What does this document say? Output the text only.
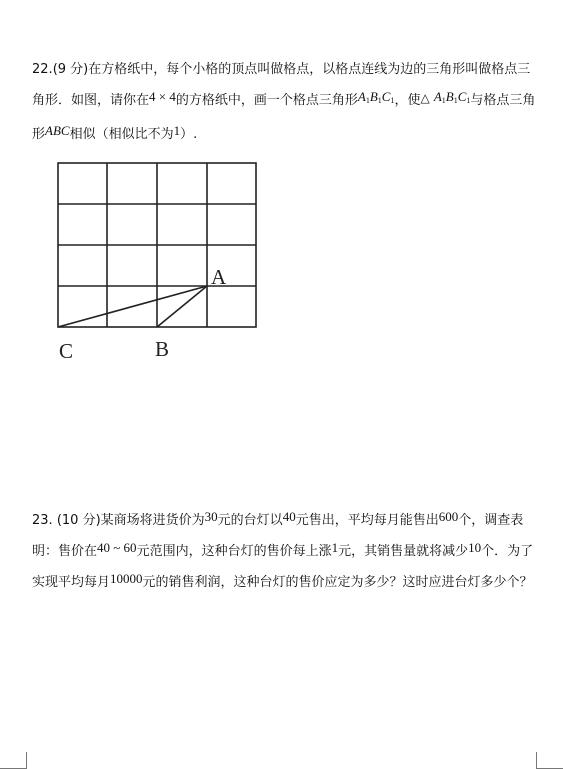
22.(9 分)在方格纸中，每个小格的顶点叫做格点，以格点连线为边的三角形叫做格点三角形．如图，请你在4 × 4的方格纸中，画一个格点三角形$A_1B_1C_1$，使△ $A_1B_1C_1$与格点三角形ABC相似（相似比不为1）.

A
C	B

23. (10 分)某商场将进货价为30元的台灯以40元售出，平均每月能售出600个，调查表明：售价在40 ~ 60元范围内，这种台灯的售价每上涨1元，其销售量就将减少10个．为了实现平均每月10000元的销售利润，这种台灯的售价应定为多少？这时应进台灯多少个？
